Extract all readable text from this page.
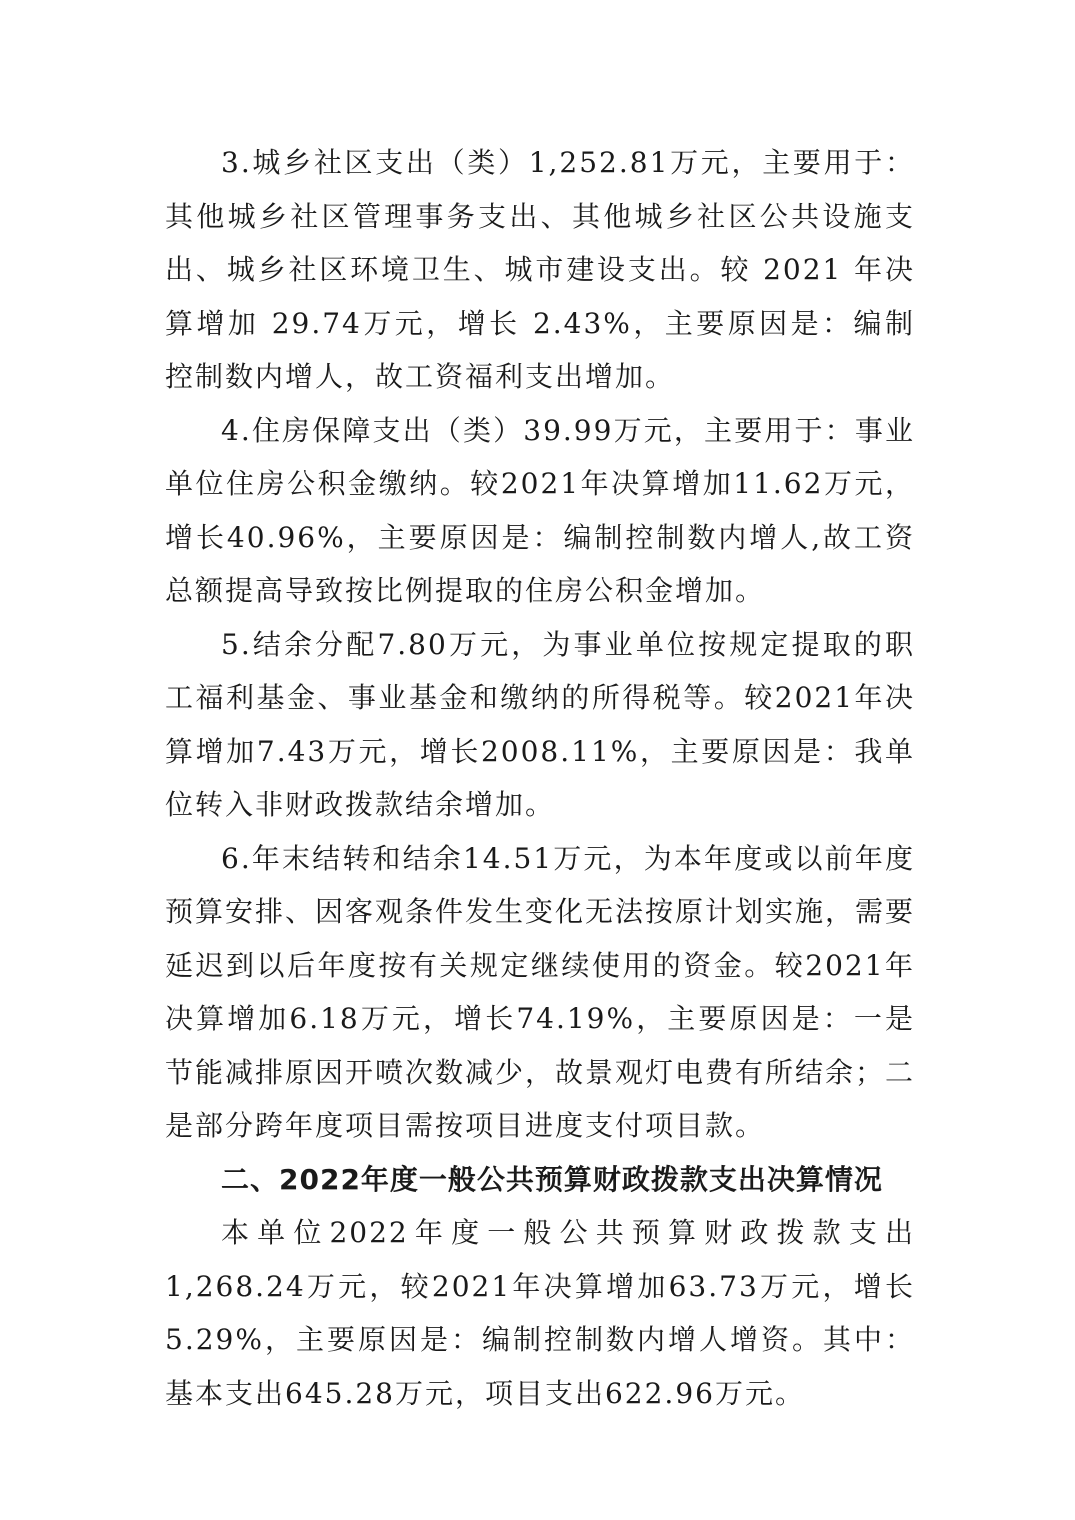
3.城乡社区支出（类）1,252.81万元，主要用于：其他城乡社区管理事务支出、其他城乡社区公共设施支出、城乡社区环境卫生、城市建设支出。较 2021 年决算增加 29.74万元，增长 2.43%，主要原因是：编制控制数内增人，故工资福利支出增加。

4.住房保障支出（类）39.99万元，主要用于：事业单位住房公积金缴纳。较2021年决算增加11.62万元，增长40.96%，主要原因是：编制控制数内增人,故工资总额提高导致按比例提取的住房公积金增加。

5.结余分配7.80万元，为事业单位按规定提取的职工福利基金、事业基金和缴纳的所得税等。较2021年决算增加7.43万元，增长2008.11%，主要原因是：我单位转入非财政拨款结余增加。

6.年末结转和结余14.51万元，为本年度或以前年度预算安排、因客观条件发生变化无法按原计划实施，需要延迟到以后年度按有关规定继续使用的资金。较2021年决算增加6.18万元，增长74.19%，主要原因是：一是节能减排原因开喷次数减少，故景观灯电费有所结余；二是部分跨年度项目需按项目进度支付项目款。

二、2022年度一般公共预算财政拨款支出决算情况

本单位2022年度一般公共预算财政拨款支出1,268.24万元，较2021年决算增加63.73万元，增长5.29%，主要原因是：编制控制数内增人增资。其中：基本支出645.28万元，项目支出622.96万元。
